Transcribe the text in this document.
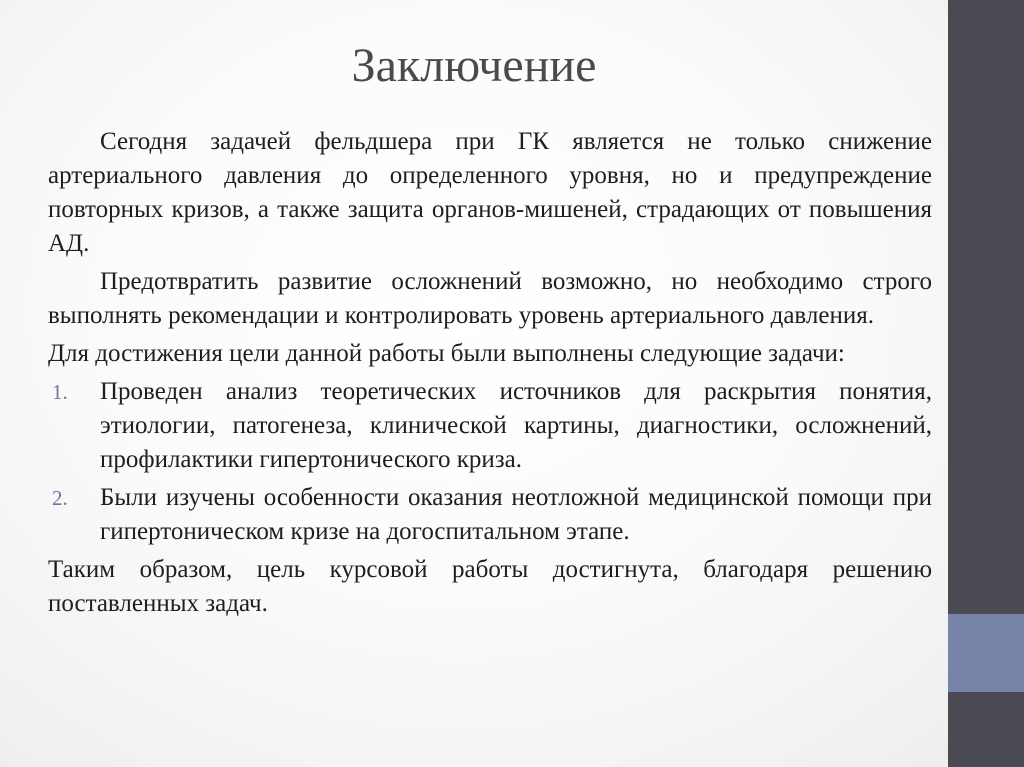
Заключение

Сегодня задачей фельдшера при ГК является не только снижение артериального давления до определенного уровня, но и предупреждение повторных кризов, а также защита органов-мишеней, страдающих от повышения АД.

Предотвратить развитие осложнений возможно, но необходимо строго выполнять рекомендации и контролировать уровень артериального давления.

Для достижения цели данной работы были выполнены следующие задачи:

1. Проведен анализ теоретических источников для раскрытия понятия, этиологии, патогенеза, клинической картины, диагностики, осложнений, профилактики гипертонического криза.
2. Были изучены особенности оказания неотложной медицинской помощи при гипертоническом кризе на догоспитальном этапе.

Таким образом, цель курсовой работы достигнута, благодаря решению поставленных задач.
